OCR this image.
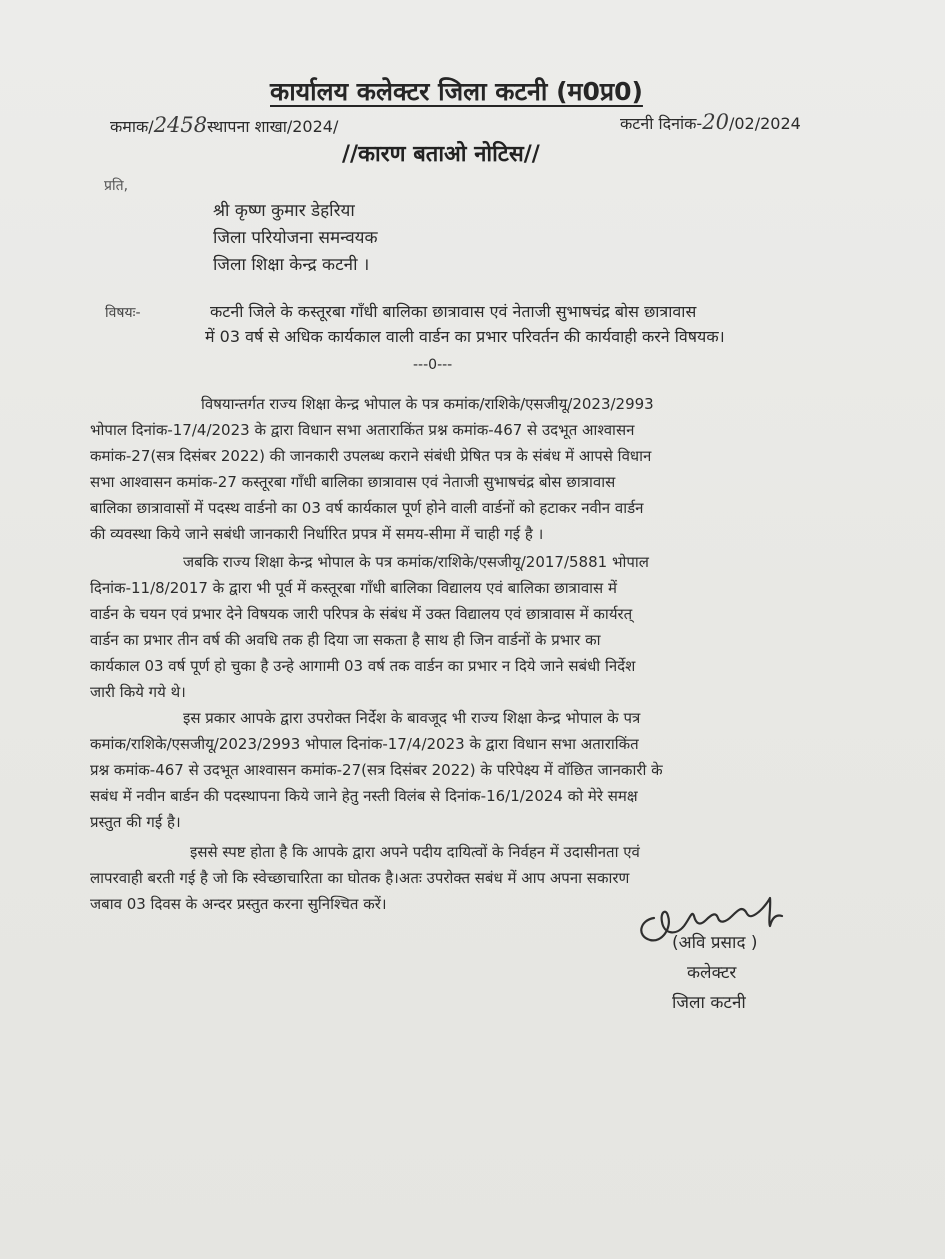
कार्यालय कलेक्टर जिला कटनी (म0प्र0)
कमाक/2458स्थापना शाखा/2024/	कटनी दिनांक-20/02/2024
//कारण बताओ नोटिस//
प्रति,
श्री कृष्ण कुमार डेहरिया
जिला परियोजना समन्वयक
जिला शिक्षा केन्द्र कटनी ।
विषयः-	कटनी जिले के कस्तूरबा गाँधी बालिका छात्रावास एवं नेताजी सुभाषचंद्र बोस छात्रावास
में 03 वर्ष से अधिक कार्यकाल वाली वार्डन का प्रभार परिवर्तन की कार्यवाही करने विषयक।
---0---
विषयान्तर्गत राज्य शिक्षा केन्द्र भोपाल के पत्र कमांक/राशिके/एसजीयू/2023/2993
भोपाल दिनांक-17/4/2023 के द्वारा विधान सभा अताराकिंत प्रश्न कमांक-467 से उदभूत आश्वासन
कमांक-27(सत्र दिसंबर 2022) की जानकारी उपलब्ध कराने संबंधी प्रेषित पत्र के संबंध में आपसे विधान
सभा आश्वासन कमांक-27 कस्तूरबा गाँधी बालिका छात्रावास एवं नेताजी सुभाषचंद्र बोस छात्रावास
बालिका छात्रावासों में पदस्थ वार्डनो का 03 वर्ष कार्यकाल पूर्ण होने वाली वार्डनों को हटाकर नवीन वार्डन
की व्यवस्था किये जाने सबंधी जानकारी निर्धारित प्रपत्र में समय-सीमा में चाही गई है ।
जबकि राज्य शिक्षा केन्द्र भोपाल के पत्र कमांक/राशिके/एसजीयू/2017/5881 भोपाल
दिनांक-11/8/2017 के द्वारा भी पूर्व में कस्तूरबा गाँधी बालिका विद्यालय एवं बालिका छात्रावास में
वार्डन के चयन एवं प्रभार देने विषयक जारी परिपत्र के संबंध में उक्त विद्यालय एवं छात्रावास में कार्यरत्
वार्डन का प्रभार तीन वर्ष की अवधि तक ही दिया जा सकता है साथ ही जिन वार्डनों के प्रभार का
कार्यकाल 03 वर्ष पूर्ण हो चुका है उन्हे आगामी 03 वर्ष तक वार्डन का प्रभार न दिये जाने सबंधी निर्देश
जारी किये गये थे।
इस प्रकार आपके द्वारा उपरोक्त निर्देश के बावजूद भी राज्य शिक्षा केन्द्र भोपाल के पत्र
कमांक/राशिके/एसजीयू/2023/2993 भोपाल दिनांक-17/4/2023 के द्वारा विधान सभा अताराकिंत
प्रश्न कमांक-467 से उदभूत आश्वासन कमांक-27(सत्र दिसंबर 2022) के परिपेक्ष्य में वॉछित जानकारी के
सबंध में नवीन बार्डन की पदस्थापना किये जाने हेतु नस्ती विलंब से दिनांक-16/1/2024 को मेरे समक्ष
प्रस्तुत की गई है।
इससे स्पष्ट होता है कि आपके द्वारा अपने पदीय दायित्वों के निर्वहन में उदासीनता एवं
लापरवाही बरती गई है जो कि स्वेच्छाचारिता का घोतक है।अतः उपरोक्त सबंध में आप अपना सकारण
जबाव 03 दिवस के अन्दर प्रस्तुत करना सुनिश्चित करें।
(अवि प्रसाद )
कलेक्टर
जिला कटनी
